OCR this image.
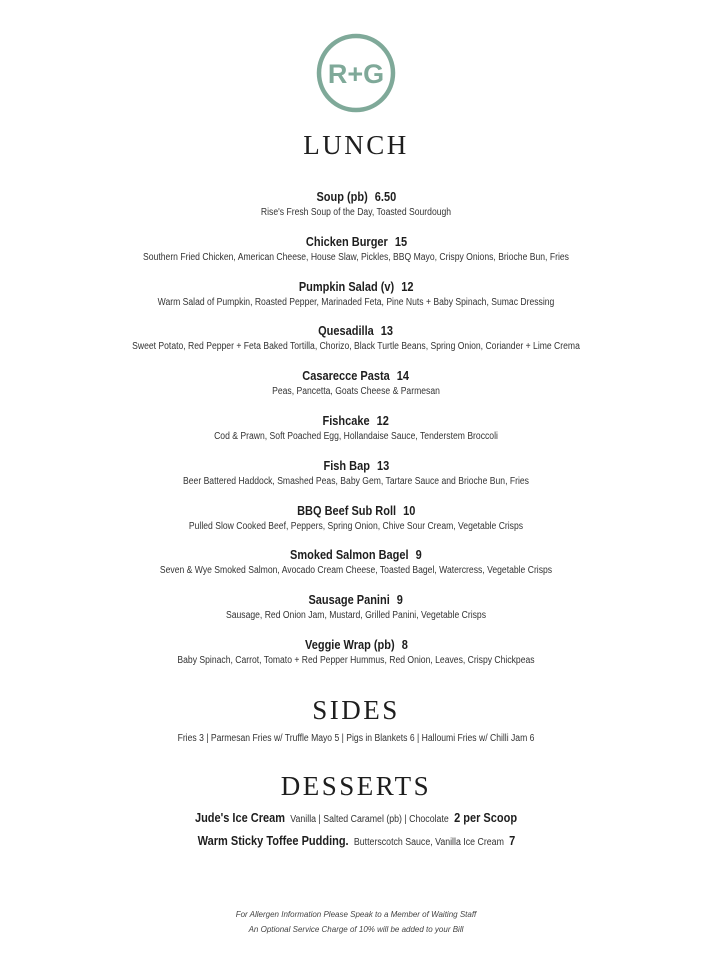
R+G
LUNCH
Soup (pb) 6.50
Rise's Fresh Soup of the Day, Toasted Sourdough
Chicken Burger 15
Southern Fried Chicken, American Cheese, House Slaw, Pickles, BBQ Mayo, Crispy Onions, Brioche Bun, Fries
Pumpkin Salad (v) 12
Warm Salad of Pumpkin, Roasted Pepper, Marinaded Feta, Pine Nuts + Baby Spinach, Sumac Dressing
Quesadilla 13
Sweet Potato, Red Pepper + Feta Baked Tortilla, Chorizo, Black Turtle Beans, Spring Onion, Coriander + Lime Crema
Casarecce Pasta 14
Peas, Pancetta, Goats Cheese & Parmesan
Fishcake 12
Cod & Prawn, Soft Poached Egg, Hollandaise Sauce, Tenderstem Broccoli
Fish Bap 13
Beer Battered Haddock, Smashed Peas, Baby Gem, Tartare Sauce and Brioche Bun, Fries
BBQ Beef Sub Roll 10
Pulled Slow Cooked Beef, Peppers, Spring Onion, Chive Sour Cream, Vegetable Crisps
Smoked Salmon Bagel 9
Seven & Wye Smoked Salmon, Avocado Cream Cheese, Toasted Bagel, Watercress, Vegetable Crisps
Sausage Panini 9
Sausage, Red Onion Jam, Mustard, Grilled Panini, Vegetable Crisps
Veggie Wrap (pb) 8
Baby Spinach, Carrot, Tomato + Red Pepper Hummus, Red Onion, Leaves, Crispy Chickpeas
SIDES
Fries 3 | Parmesan Fries w/ Truffle Mayo 5 | Pigs in Blankets 6 | Halloumi Fries w/ Chilli Jam 6
DESSERTS
Jude's Ice Cream Vanilla | Salted Caramel (pb) | Chocolate 2 per Scoop
Warm Sticky Toffee Pudding. Butterscotch Sauce, Vanilla Ice Cream 7
For Allergen Information Please Speak to a Member of Waiting Staff
An Optional Service Charge of 10% will be added to your Bill
